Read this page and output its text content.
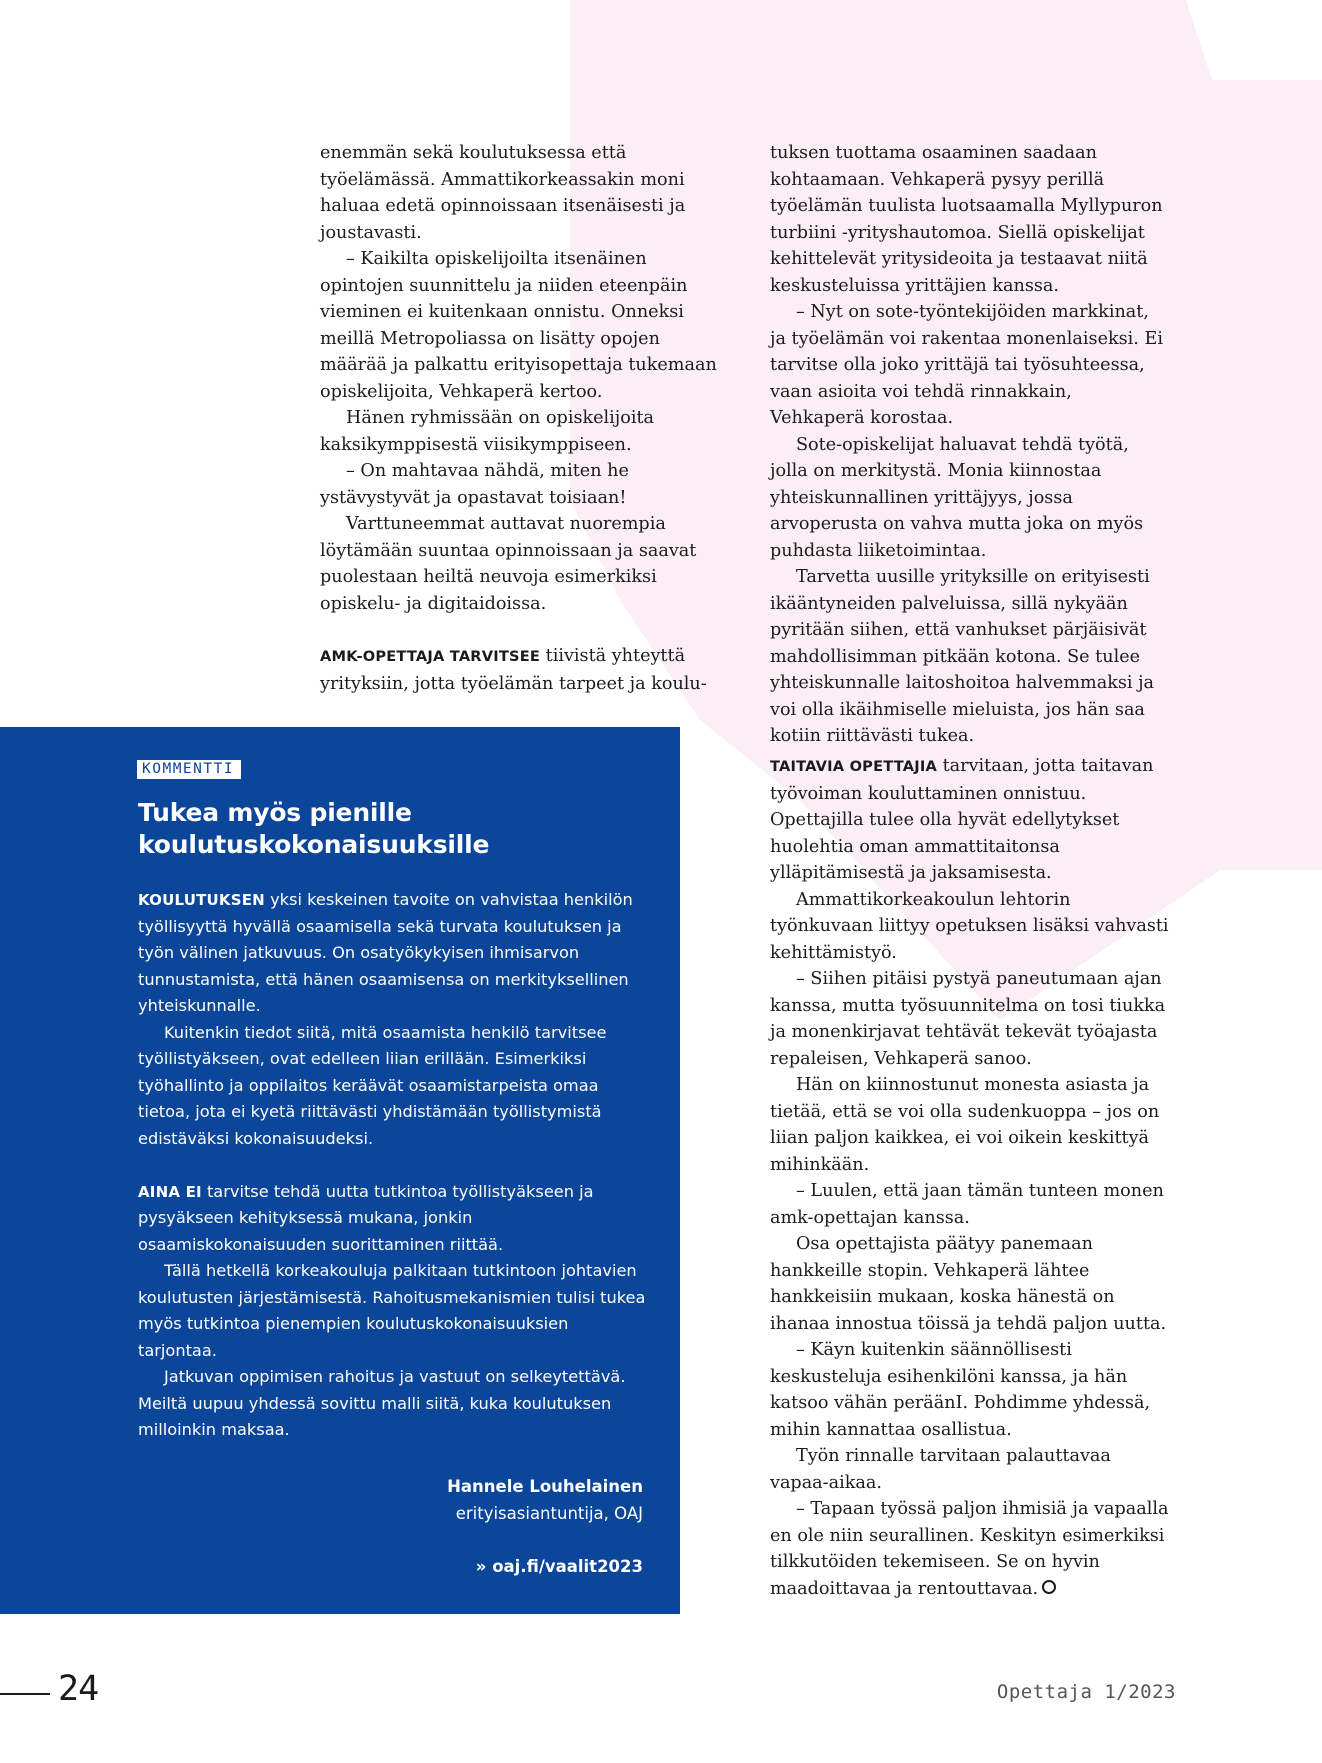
enemmän sekä koulutuksessa että työelämässä. Ammattikorkeassakin moni haluaa edetä opinnoissaan itsenäisesti ja joustavasti.

– Kaikilta opiskelijoilta itsenäinen opintojen suunnittelu ja niiden eteenpäin vieminen ei kuitenkaan onnistu. Onneksi meillä Metropoliassa on lisätty opojen määrää ja palkattu erityisopettaja tukemaan opiskelijoita, Vehkaperä kertoo.

Hänen ryhmissään on opiskelijoita kaksikymppisestä viisikymppiseen.

– On mahtavaa nähdä, miten he ystävystyvät ja opastavat toisiaan!

Varttuneemmat auttavat nuorempia löytämään suuntaa opinnoissaan ja saavat puolestaan heiltä neuvoja esimerkiksi opiskelu- ja digitaidoissa.

AMK-OPETTAJA TARVITSEE tiivistä yhteyttä yrityksiin, jotta työelämän tarpeet ja koulu-

tuksen tuottama osaaminen saadaan kohtaamaan. Vehkaperä pysyy perillä työelämän tuulista luotsaamalla Myllypuron turbiini -yrityshautomoa. Siellä opiskelijat kehittelevät yritysideoita ja testaavat niitä keskusteluissa yrittäjien kanssa.

– Nyt on sote-työntekijöiden markkinat, ja työelämän voi rakentaa monenlaiseksi. Ei tarvitse olla joko yrittäjä tai työsuhteessa, vaan asioita voi tehdä rinnakkain, Vehkaperä korostaa.

Sote-opiskelijat haluavat tehdä työtä, jolla on merkitystä. Monia kiinnostaa yhteiskunnallinen yrittäjyys, jossa arvoperusta on vahva mutta joka on myös puhdasta liiketoimintaa.

Tarvetta uusille yrityksille on erityisesti ikääntyneiden palveluissa, sillä nykyään pyritään siihen, että vanhukset pärjäisivät mahdollisimman pitkään kotona. Se tulee yhteiskunnalle laitoshoitoa halvemmaksi ja voi olla ikäihmiselle mieluista, jos hän saa kotiin riittävästi tukea.

TAITAVIA OPETTAJIA tarvitaan, jotta taitavan työvoiman kouluttaminen onnistuu. Opettajilla tulee olla hyvät edellytykset huolehtia oman ammattitaitonsa ylläpitämisestä ja jaksamisesta.

Ammattikorkeakoulun lehtorin työnkuvaan liittyy opetuksen lisäksi vahvasti kehittämistyö.

– Siihen pitäisi pystyä paneutumaan ajan kanssa, mutta työsuunnitelma on tosi tiukka ja monenkirjavat tehtävät tekevät työajasta repaleisen, Vehkaperä sanoo.

Hän on kiinnostunut monesta asiasta ja tietää, että se voi olla sudenkuoppa – jos on liian paljon kaikkea, ei voi oikein keskittyä mihinkään.

– Luulen, että jaan tämän tunteen monen amk-opettajan kanssa.

Osa opettajista päätyy panemaan hankkeille stopin. Vehkaperä lähtee hankkeisiin mukaan, koska hänestä on ihanaa innostua töissä ja tehdä paljon uutta.

– Käyn kuitenkin säännöllisesti keskusteluja esihenkilöni kanssa, ja hän katsoo vähän peräänI. Pohdimme yhdessä, mihin kannattaa osallistua.

Työn rinnalle tarvitaan palauttavaa vapaa-aikaa.

– Tapaan työssä paljon ihmisiä ja vapaalla en ole niin seurallinen. Keskityn esimerkiksi tilkkutöiden tekemiseen. Se on hyvin maadoittavaa ja rentouttavaa.

KOMMENTTI
Tukea myös pienille koulutuskokonaisuuksille

KOULUTUKSEN yksi keskeinen tavoite on vahvistaa henkilön työllisyyttä hyvällä osaamisella sekä turvata koulutuksen ja työn välinen jatkuvuus. On osatyökykyisen ihmisarvon tunnustamista, että hänen osaamisensa on merkityksellinen yhteiskunnalle.

Kuitenkin tiedot siitä, mitä osaamista henkilö tarvitsee työllistyäkseen, ovat edelleen liian erillään. Esimerkiksi työhallinto ja oppilaitos keräävät osaamistarpeista omaa tietoa, jota ei kyetä riittävästi yhdistämään työllistymistä edistäväksi kokonaisuudeksi.

AINA EI tarvitse tehdä uutta tutkintoa työllistyäkseen ja pysyäkseen kehityksessä mukana, jonkin osaamiskokonaisuuden suorittaminen riittää.

Tällä hetkellä korkeakouluja palkitaan tutkintoon johtavien koulutusten järjestämisestä. Rahoitusmekanismien tulisi tukea myös tutkintoa pienempien koulutuskokonaisuuksien tarjontaa.

Jatkuvan oppimisen rahoitus ja vastuut on selkeytettävä. Meiltä uupuu yhdessä sovittu malli siitä, kuka koulutuksen milloinkin maksaa.

Hannele Louhelainen
erityisasiantuntija, OAJ
» oaj.fi/vaalit2023
24	Opettaja 1/2023
